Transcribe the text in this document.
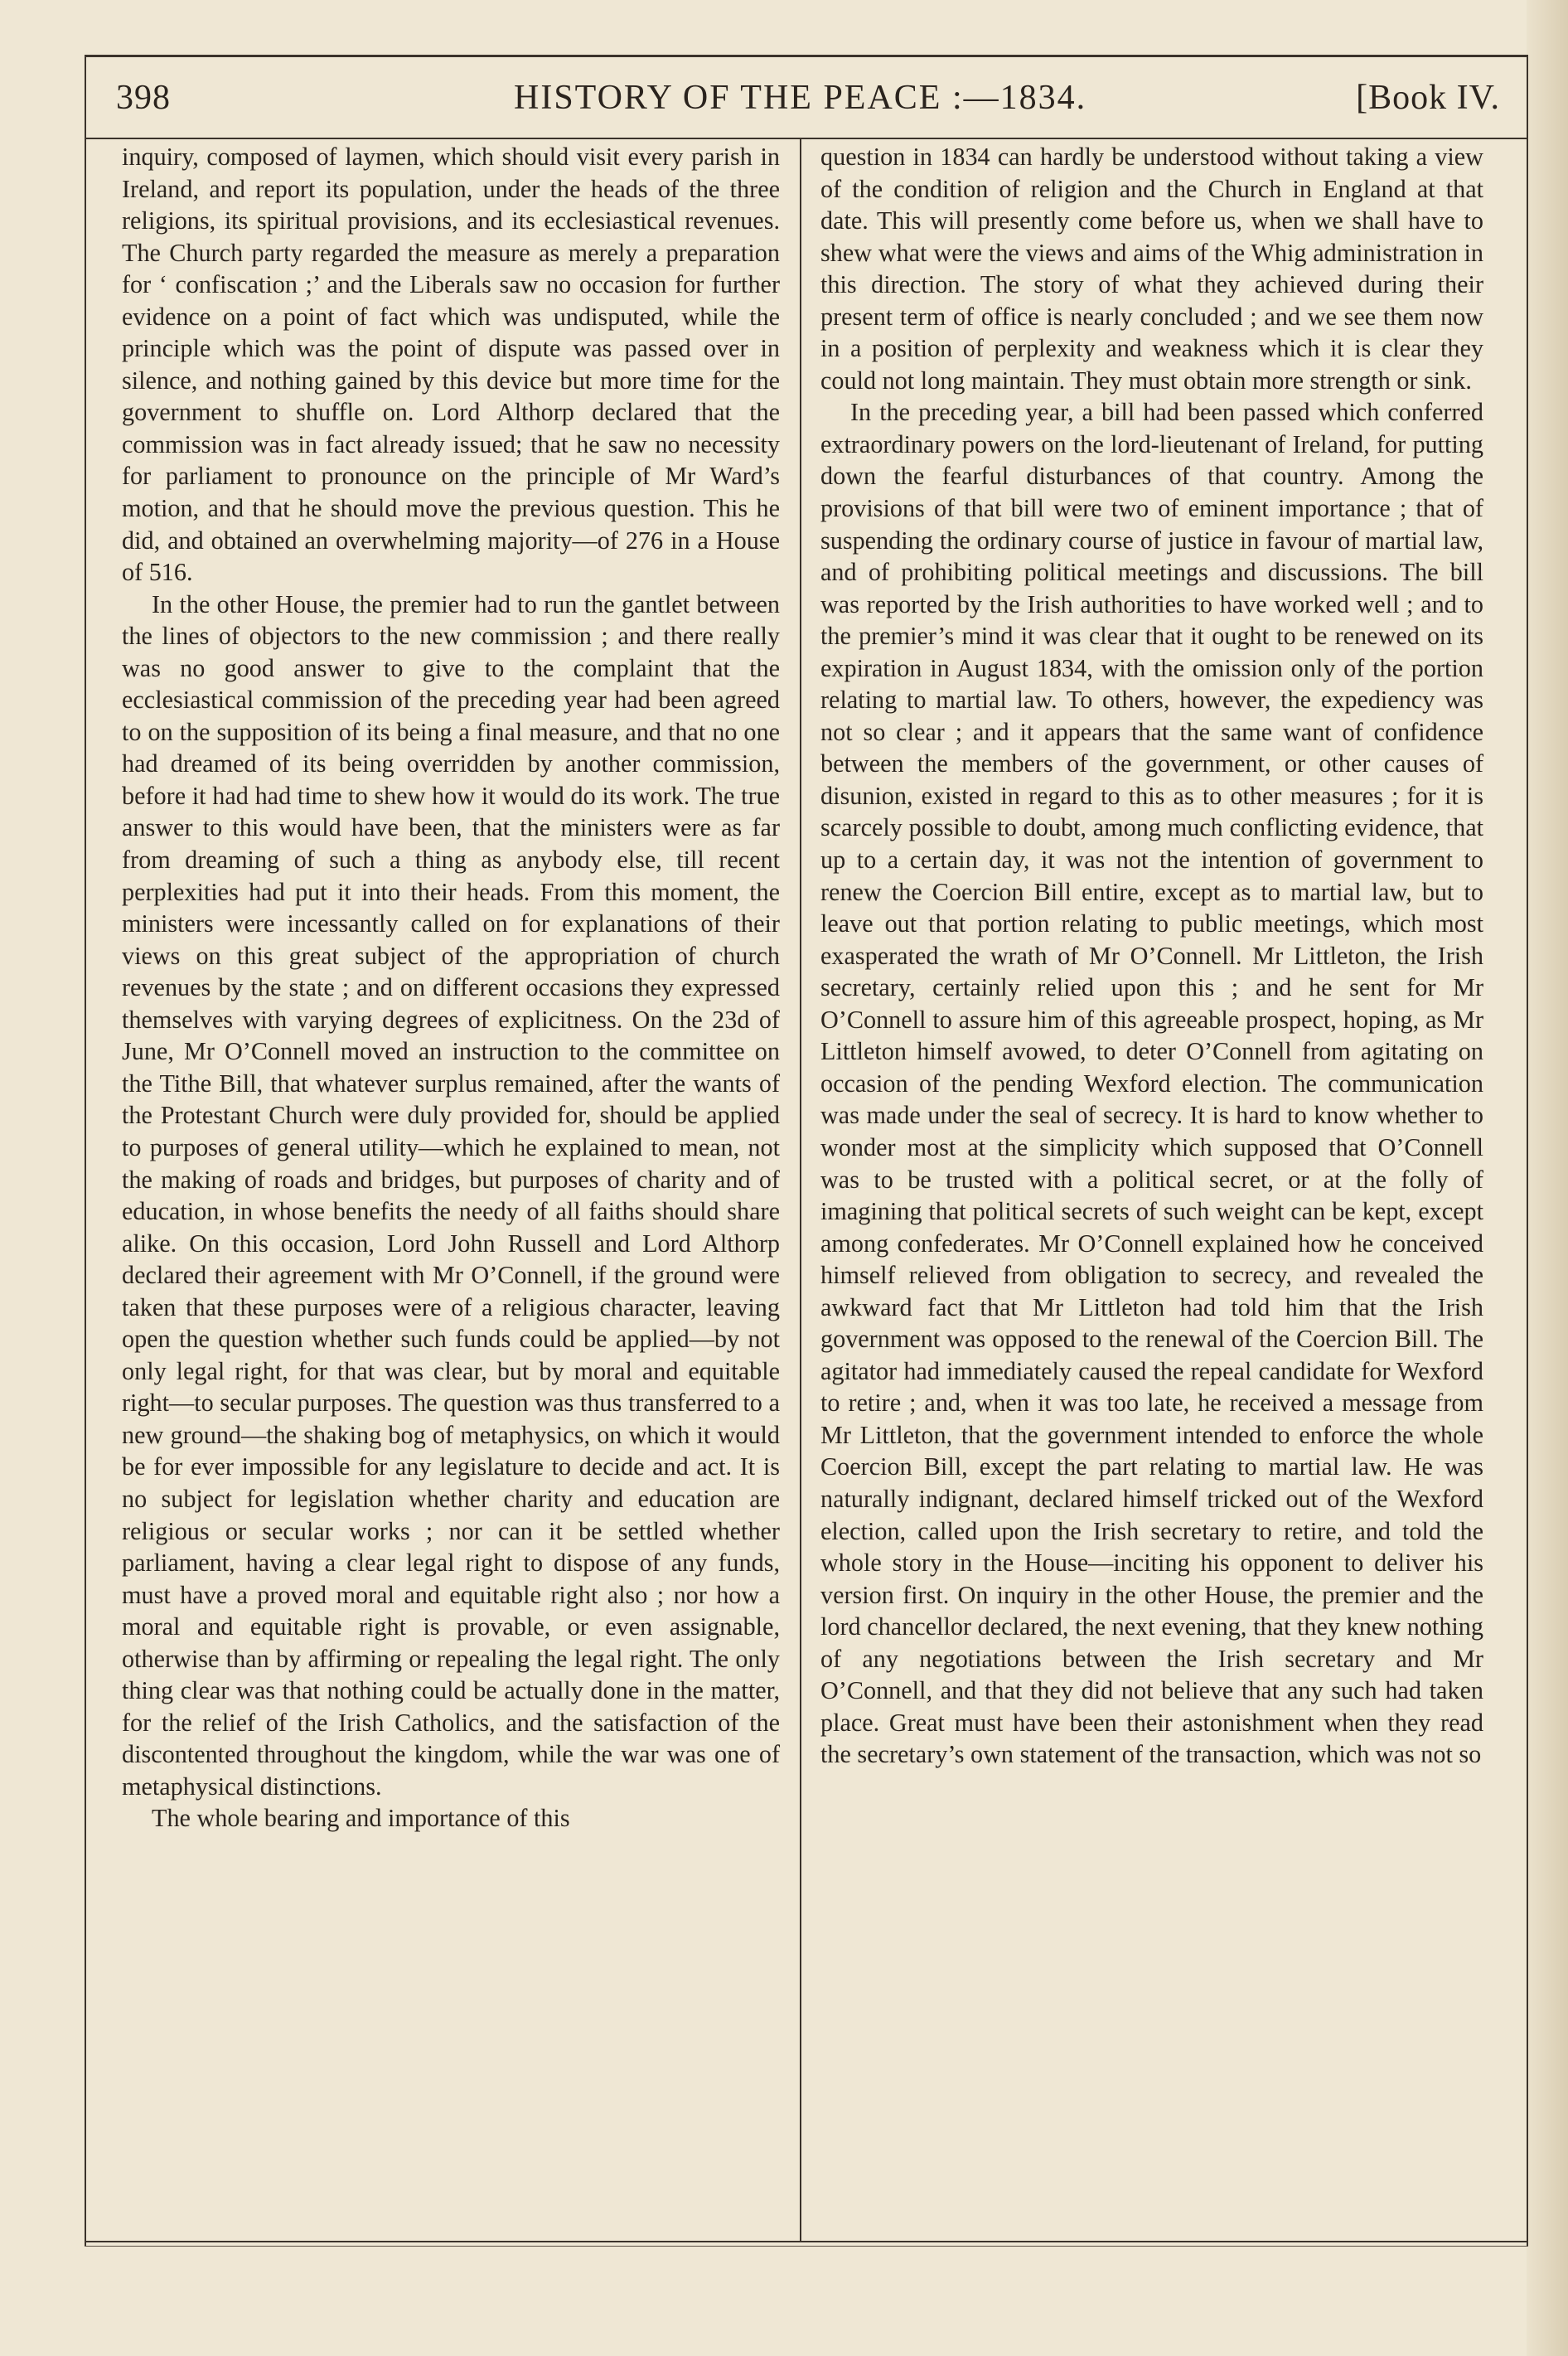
398	HISTORY OF THE PEACE :—1834.	[Book IV.

inquiry, composed of laymen, which should visit every parish in Ireland, and report its population, under the heads of the three religions, its spiritual provisions, and its ecclesiastical revenues. The Church party regarded the measure as merely a preparation for ‘ confiscation ;’ and the Liberals saw no occasion for further evidence on a point of fact which was undisputed, while the principle which was the point of dispute was passed over in silence, and nothing gained by this device but more time for the government to shuffle on. Lord Althorp declared that the commission was in fact already issued; that he saw no necessity for parliament to pronounce on the principle of Mr Ward’s motion, and that he should move the previous question. This he did, and obtained an overwhelming majority—of 276 in a House of 516.

In the other House, the premier had to run the gantlet between the lines of objectors to the new commission ; and there really was no good answer to give to the complaint that the ecclesiastical commission of the preceding year had been agreed to on the supposition of its being a final measure, and that no one had dreamed of its being overridden by another commission, before it had had time to shew how it would do its work. The true answer to this would have been, that the ministers were as far from dreaming of such a thing as anybody else, till recent perplexities had put it into their heads. From this moment, the ministers were incessantly called on for explanations of their views on this great subject of the appropriation of church revenues by the state ; and on different occasions they expressed themselves with varying degrees of explicitness. On the 23d of June, Mr O’Connell moved an instruction to the committee on the Tithe Bill, that whatever surplus remained, after the wants of the Protestant Church were duly provided for, should be applied to purposes of general utility—which he explained to mean, not the making of roads and bridges, but purposes of charity and of education, in whose benefits the needy of all faiths should share alike. On this occasion, Lord John Russell and Lord Althorp declared their agreement with Mr O’Connell, if the ground were taken that these purposes were of a religious character, leaving open the question whether such funds could be applied—by not only legal right, for that was clear, but by moral and equitable right—to secular purposes. The question was thus transferred to a new ground—the shaking bog of metaphysics, on which it would be for ever impossible for any legislature to decide and act. It is no subject for legislation whether charity and education are religious or secular works ; nor can it be settled whether parliament, having a clear legal right to dispose of any funds, must have a proved moral and equitable right also ; nor how a moral and equitable right is provable, or even assignable, otherwise than by affirming or repealing the legal right. The only thing clear was that nothing could be actually done in the matter, for the relief of the Irish Catholics, and the satisfaction of the discontented throughout the kingdom, while the war was one of metaphysical distinctions.

The whole bearing and importance of this

question in 1834 can hardly be understood without taking a view of the condition of religion and the Church in England at that date. This will presently come before us, when we shall have to shew what were the views and aims of the Whig administration in this direction. The story of what they achieved during their present term of office is nearly concluded ; and we see them now in a position of perplexity and weakness which it is clear they could not long maintain. They must obtain more strength or sink.

In the preceding year, a bill had been passed which conferred extraordinary powers on the lord-lieutenant of Ireland, for putting down the fearful disturbances of that country. Among the provisions of that bill were two of eminent importance ; that of suspending the ordinary course of justice in favour of martial law, and of prohibiting political meetings and discussions. The bill was reported by the Irish authorities to have worked well ; and to the premier’s mind it was clear that it ought to be renewed on its expiration in August 1834, with the omission only of the portion relating to martial law. To others, however, the expediency was not so clear ; and it appears that the same want of confidence between the members of the government, or other causes of disunion, existed in regard to this as to other measures ; for it is scarcely possible to doubt, among much conflicting evidence, that up to a certain day, it was not the intention of government to renew the Coercion Bill entire, except as to martial law, but to leave out that portion relating to public meetings, which most exasperated the wrath of Mr O’Connell. Mr Littleton, the Irish secretary, certainly relied upon this ; and he sent for Mr O’Connell to assure him of this agreeable prospect, hoping, as Mr Littleton himself avowed, to deter O’Connell from agitating on occasion of the pending Wexford election. The communication was made under the seal of secrecy. It is hard to know whether to wonder most at the simplicity which supposed that O’Connell was to be trusted with a political secret, or at the folly of imagining that political secrets of such weight can be kept, except among confederates. Mr O’Connell explained how he conceived himself relieved from obligation to secrecy, and revealed the awkward fact that Mr Littleton had told him that the Irish government was opposed to the renewal of the Coercion Bill. The agitator had immediately caused the repeal candidate for Wexford to retire ; and, when it was too late, he received a message from Mr Littleton, that the government intended to enforce the whole Coercion Bill, except the part relating to martial law. He was naturally indignant, declared himself tricked out of the Wexford election, called upon the Irish secretary to retire, and told the whole story in the House—inciting his opponent to deliver his version first. On inquiry in the other House, the premier and the lord chancellor declared, the next evening, that they knew nothing of any negotiations between the Irish secretary and Mr O’Connell, and that they did not believe that any such had taken place. Great must have been their astonishment when they read the secretary’s own statement of the transaction, which was not so
